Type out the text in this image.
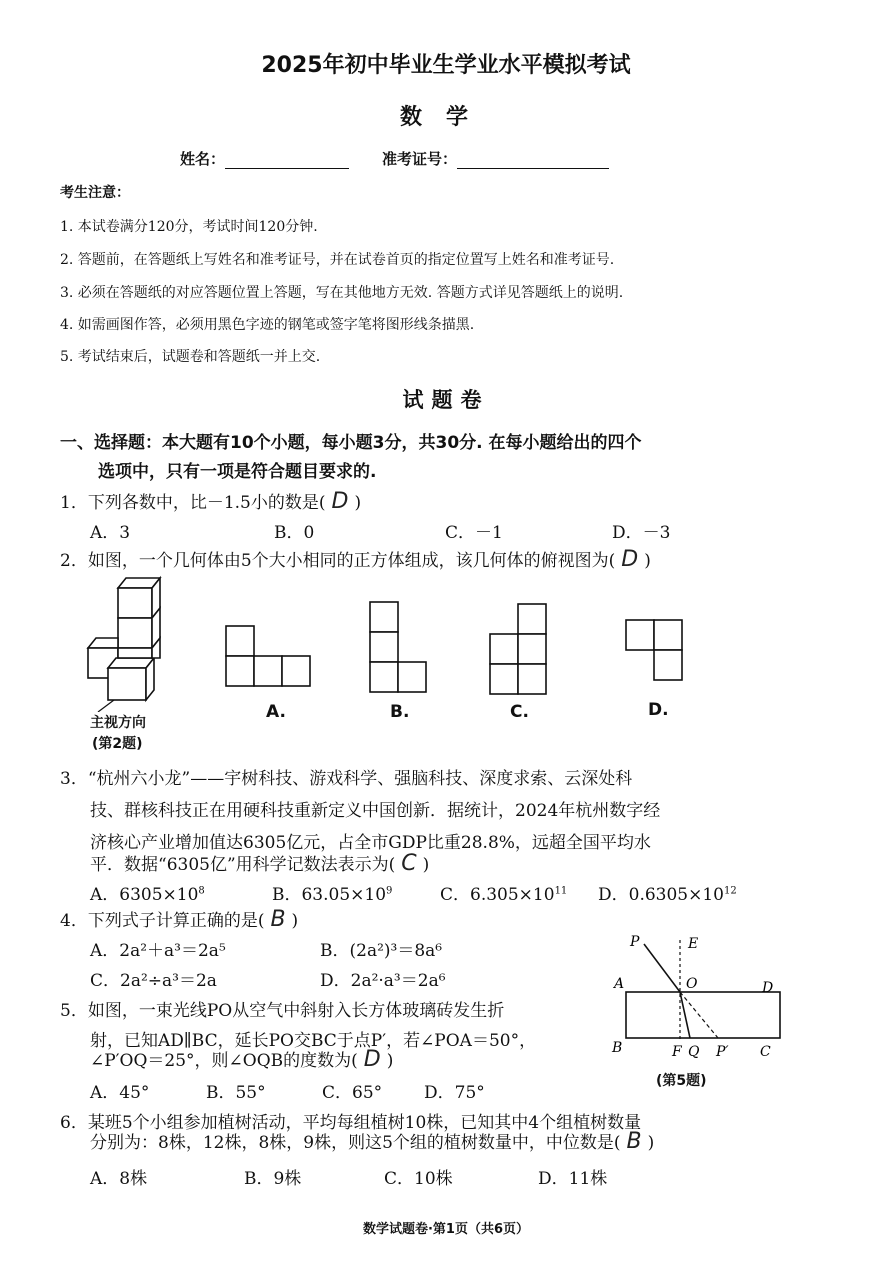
2025年初中毕业生学业水平模拟考试
数学
姓名：	准考证号：
考生注意：
1. 本试卷满分120分，考试时间120分钟.
2. 答题前，在答题纸上写姓名和准考证号，并在试卷首页的指定位置写上姓名和准考证号.
3. 必须在答题纸的对应答题位置上答题，写在其他地方无效. 答题方式详见答题纸上的说明.
4. 如需画图作答，必须用黑色字迹的钢笔或签字笔将图形线条描黑.
5. 考试结束后，试题卷和答题纸一并上交.
试题卷
一、选择题：本大题有10个小题，每小题3分，共30分. 在每小题给出的四个
选项中，只有一项是符合题目要求的.
1．下列各数中，比－1.5小的数是( D )
A．3	B．0	C．－1	D．－3
2．如图，一个几何体由5个大小相同的正方体组成，该几何体的俯视图为( D )
主视方向
(第2题)
A.	B.	C.	D.
3．“杭州六小龙”——宇树科技、游戏科学、强脑科技、深度求索、云深处科
技、群核科技正在用硬科技重新定义中国创新．据统计，2024年杭州数字经
济核心产业增加值达6305亿元，占全市GDP比重28.8%，远超全国平均水
平．数据“6305亿”用科学记数法表示为( C )
A．$6305\times 10^8$	B．$63.05\times 10^9$	C．$6.305\times 10^{11}$ D．$0.6305\times 10^{12}$
4．下列式子计算正确的是( B )
A．2a²＋a³＝2a⁵	B．(2a²)³＝8a⁶
C．2a²÷a³＝2a	D．2a²·a³＝2a⁶
5．如图，一束光线PO从空气中斜射入长方体玻璃砖发生折
射，已知AD∥BC，延长PO交BC于点P′，若∠POA＝50°，
∠P′OQ＝25°，则∠OQB的度数为( D )
A．45°	B．55°	C．65° D．75°
P	E
A	O	D
B	F Q P′ C
(第5题)
6．某班5个小组参加植树活动，平均每组植树10株，已知其中4个组植树数量
分别为：8株，12株，8株，9株，则这5个组的植树数量中，中位数是( B )
A．8株	B．9株	C．10株	D．11株
数学试题卷·第1页（共6页）
